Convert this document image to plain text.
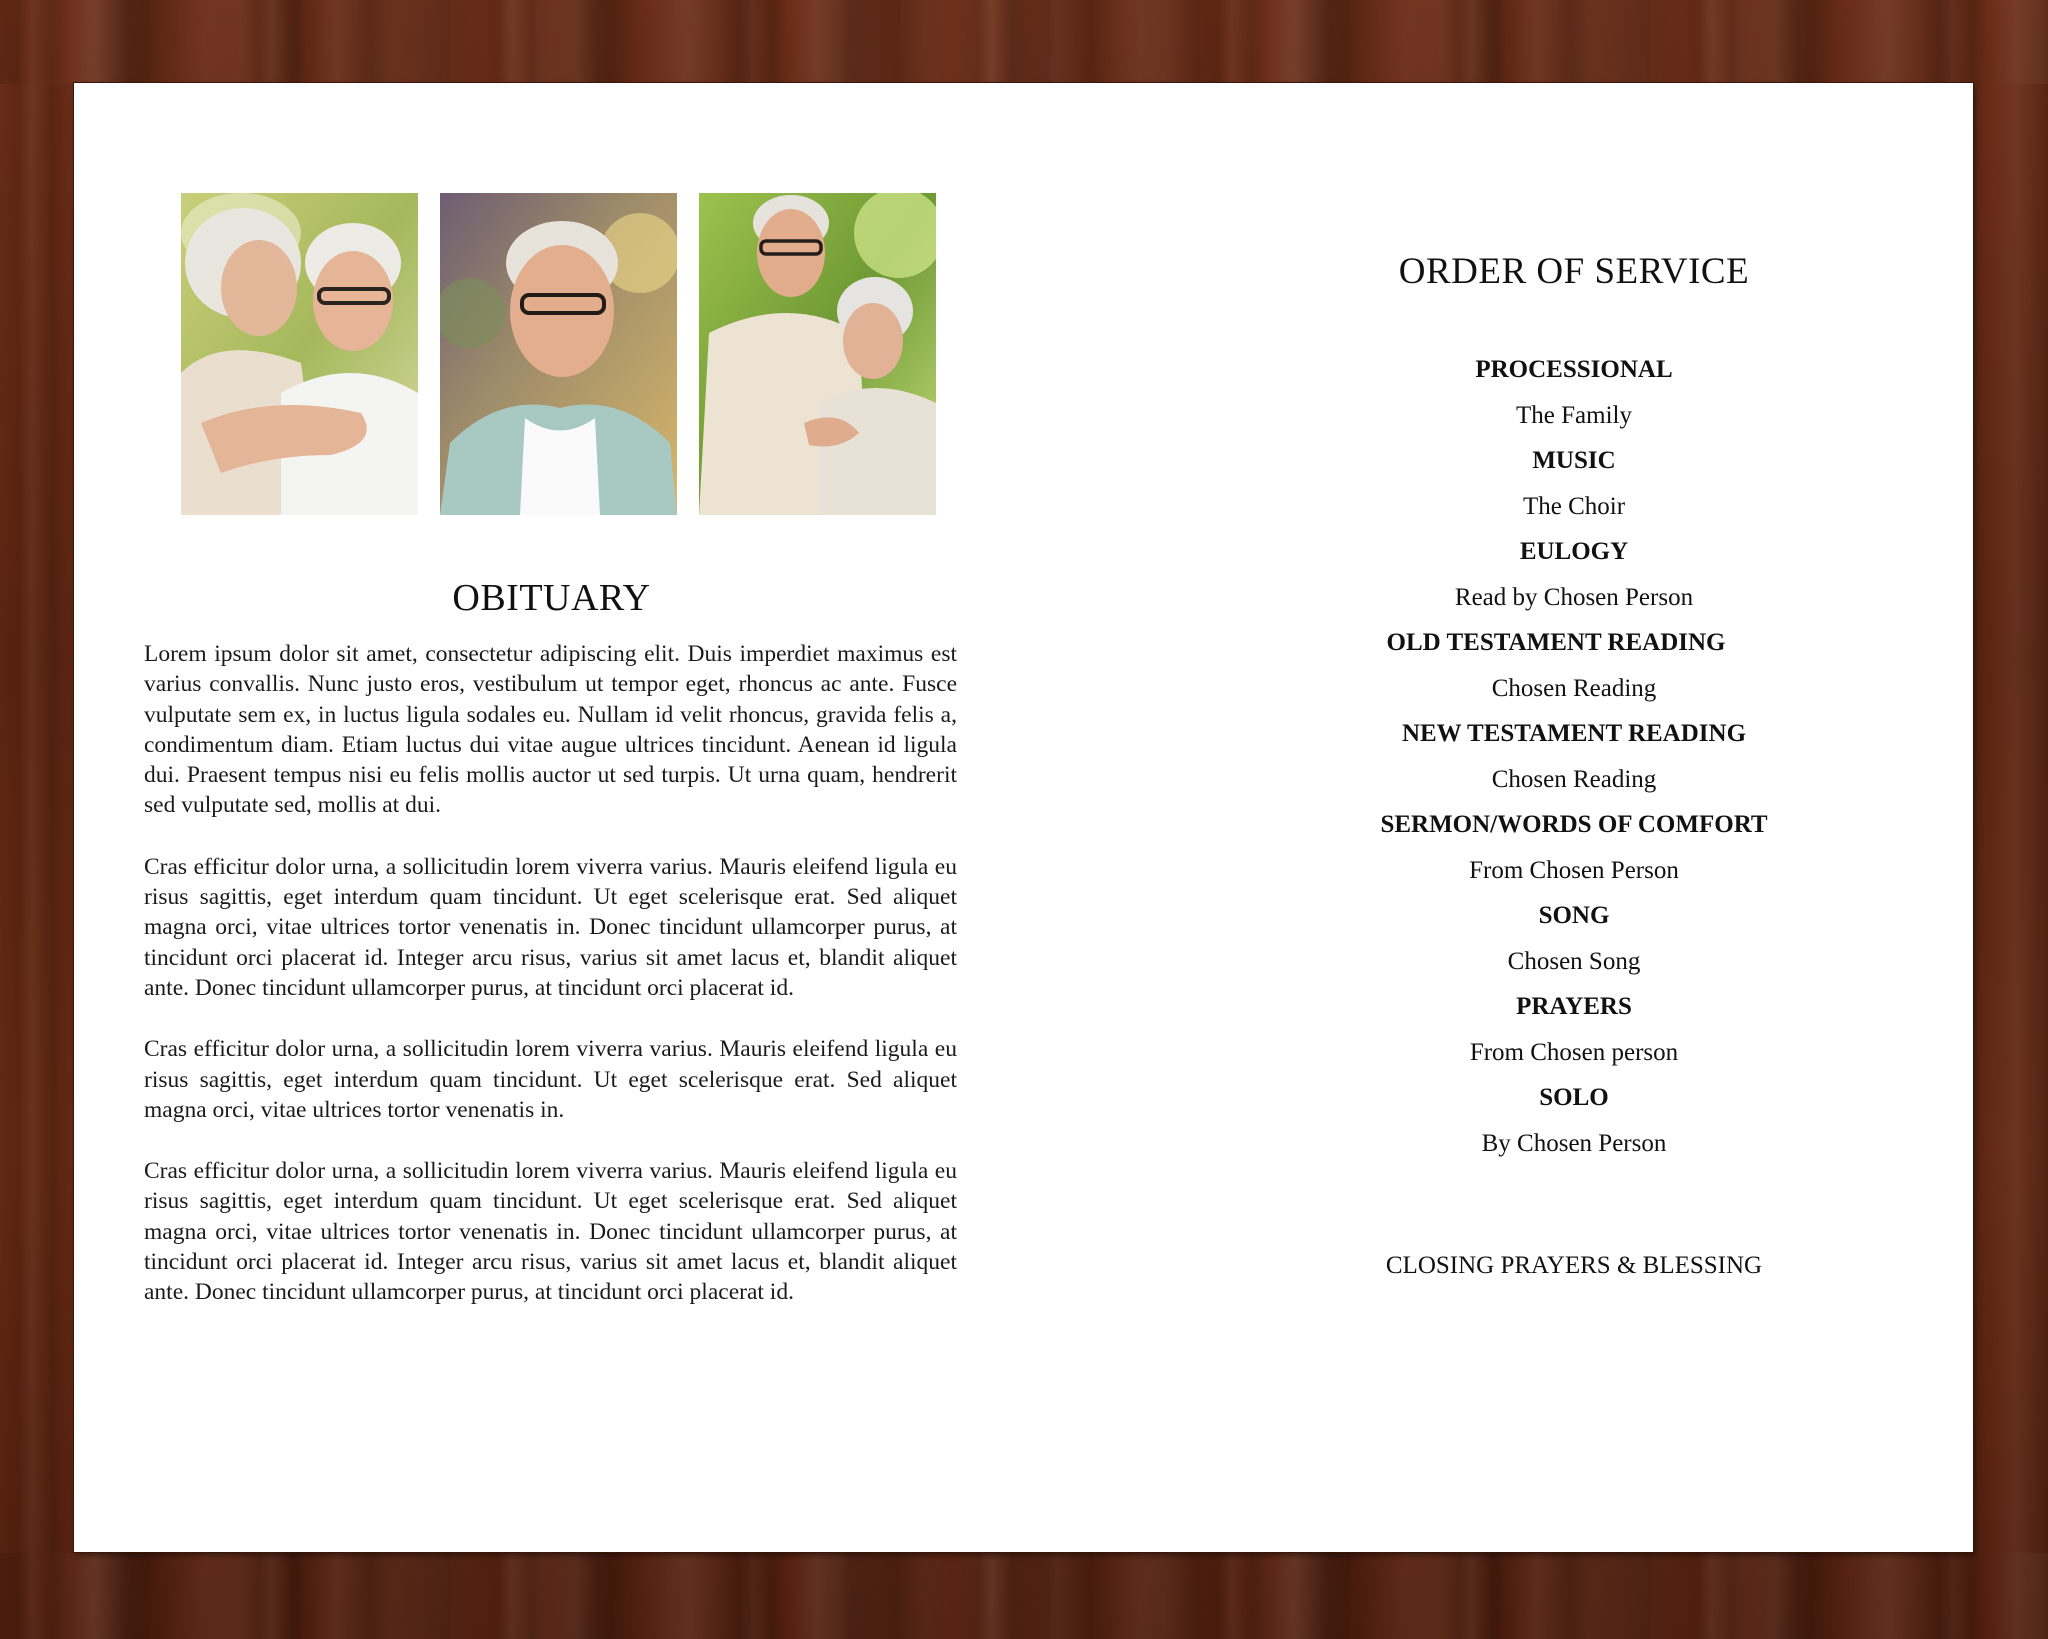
OBITUARY

Lorem ipsum dolor sit amet, consectetur adipiscing elit. Duis imperdiet maximus est varius convallis. Nunc justo eros, vestibulum ut tempor eget, rhoncus ac ante. Fusce vulputate sem ex, in luctus ligula sodales eu. Nullam id velit rhoncus, gravida felis a, condimentum diam. Etiam luctus dui vitae augue ultrices tincidunt. Aenean id ligula dui. Praesent tempus nisi eu felis mollis auctor ut sed turpis. Ut urna quam, hendrerit sed vulputate sed, mollis at dui.

Cras efficitur dolor urna, a sollicitudin lorem viverra varius. Mauris eleifend ligula eu risus sagittis, eget interdum quam tincidunt. Ut eget scelerisque erat. Sed aliquet magna orci, vitae ultrices tortor venenatis in. Donec tincidunt ullamcorper purus, at tincidunt orci placerat id. Integer arcu risus, varius sit amet lacus et, blandit aliquet ante. Donec tincidunt ullamcorper purus, at tincidunt orci placerat id.

Cras efficitur dolor urna, a sollicitudin lorem viverra varius. Mauris eleifend ligula eu risus sagittis, eget interdum quam tincidunt. Ut eget scelerisque erat. Sed aliquet magna orci, vitae ultrices tortor venenatis in.

Cras efficitur dolor urna, a sollicitudin lorem viverra varius. Mauris eleifend ligula eu risus sagittis, eget interdum quam tincidunt. Ut eget scelerisque erat. Sed aliquet magna orci, vitae ultrices tortor venenatis in. Donec tincidunt ullamcorper purus, at tincidunt orci placerat id. Integer arcu risus, varius sit amet lacus et, blandit aliquet ante. Donec tincidunt ullamcorper purus, at tincidunt orci placerat id.

ORDER OF SERVICE
PROCESSIONAL
The Family
MUSIC
The Choir
EULOGY
Read by Chosen Person
OLD TESTAMENT READING
Chosen Reading
NEW TESTAMENT READING
Chosen Reading
SERMON/WORDS OF COMFORT
From Chosen Person
SONG
Chosen Song
PRAYERS
From Chosen person
SOLO
By Chosen Person
CLOSING PRAYERS & BLESSING
